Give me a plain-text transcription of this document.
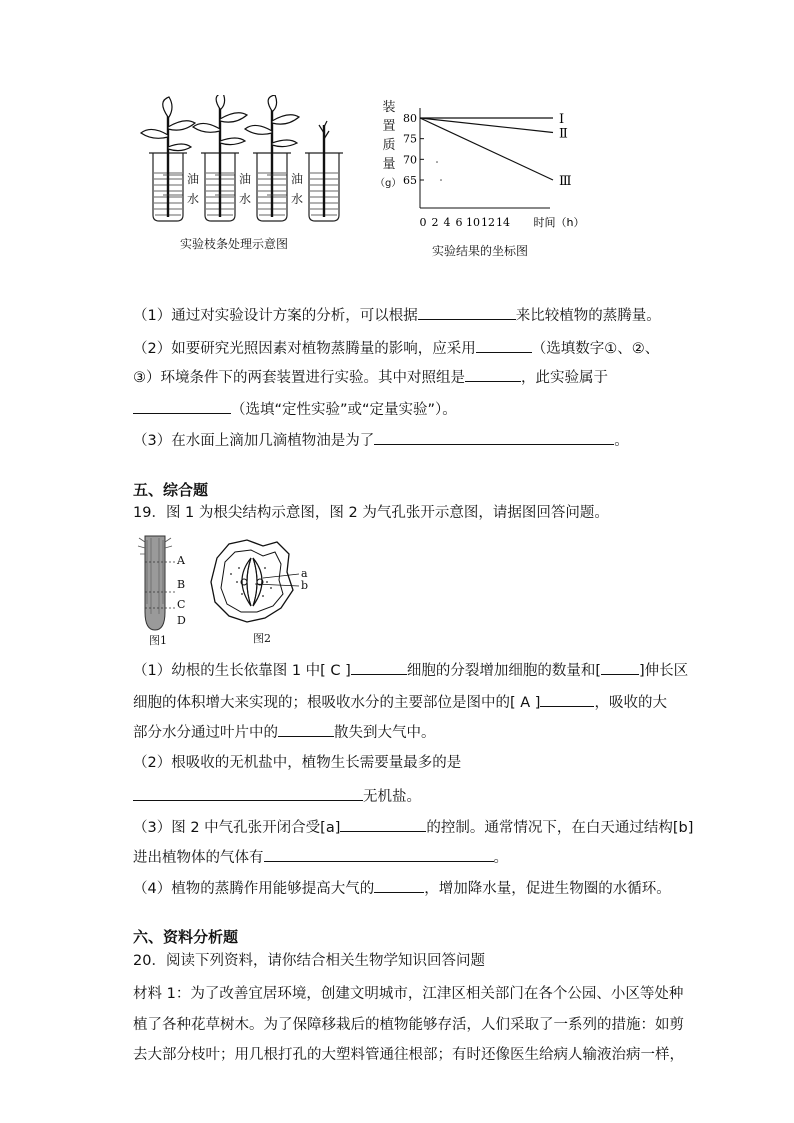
油
水
油
水
油
水
实验枝条处理示意图
装
置
质
量
（g）
80
75
70
65
0 2 4 6 10 12 14 时间（h）
Ⅰ
Ⅱ
Ⅲ
实验结果的坐标图
（1）通过对实验设计方案的分析，可以根据	来比较植物的蒸腾量。
（2）如要研究光照因素对植物蒸腾量的影响，应采用	（选填数字①、②、
③）环境条件下的两套装置进行实验。其中对照组是	，此实验属于
（选填“定性实验”或“定量实验”）。
（3）在水面上滴加几滴植物油是为了	。
五、综合题
19．图 1 为根尖结构示意图，图 2 为气孔张开示意图，请据图回答问题。
A
B
C
D
图1
a
b
图2
（1）幼根的生长依靠图 1 中[ C ]	细胞的分裂增加细胞的数量和[	]伸长区
细胞的体积增大来实现的；根吸收水分的主要部位是图中的[ A ]	，吸收的大
部分水分通过叶片中的	散失到大气中。
（2）根吸收的无机盐中，植物生长需要量最多的是
无机盐。
（3）图 2 中气孔张开闭合受[a]	的控制。通常情况下，在白天通过结构[b]
进出植物体的气体有	。
（4）植物的蒸腾作用能够提高大气的	，增加降水量，促进生物圈的水循环。
六、资料分析题
20．阅读下列资料，请你结合相关生物学知识回答问题
材料 1：为了改善宜居环境，创建文明城市，江津区相关部门在各个公园、小区等处种
植了各种花草树木。为了保障移栽后的植物能够存活，人们采取了一系列的措施：如剪
去大部分枝叶；用几根打孔的大塑料管通往根部；有时还像医生给病人输液治病一样，
